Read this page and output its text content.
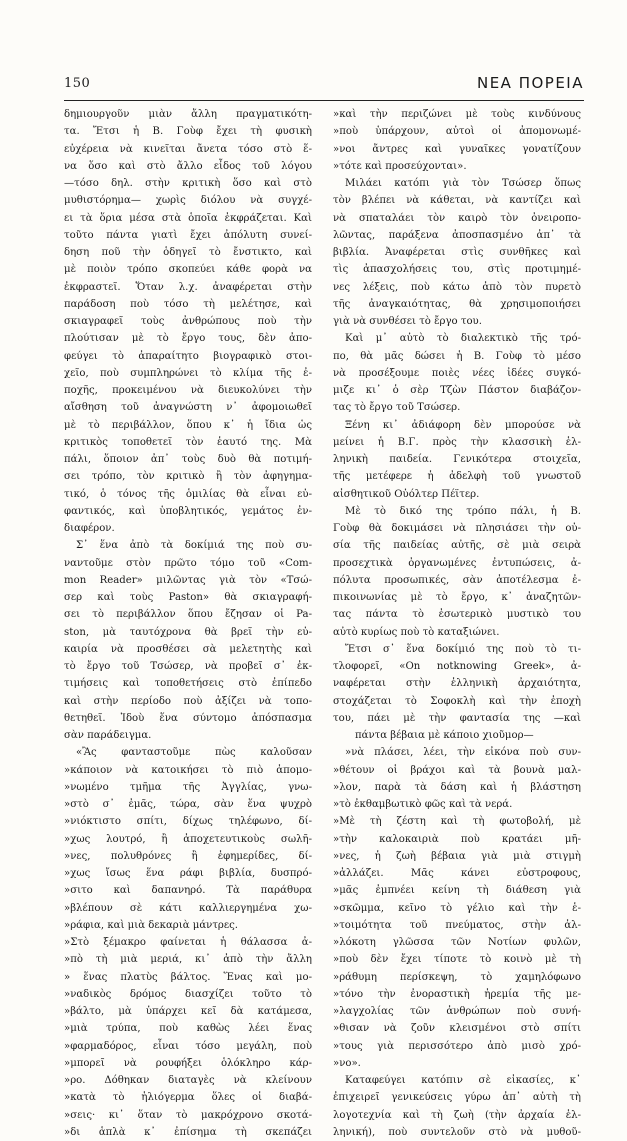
150	ΝΕΑ ΠΟΡΕΙΑ
δημιουργοῦν μιὰν ἄλλη πραγματικότη-
τα. Ἔτσι ἡ Β. Γοὺφ ἔχει τὴ φυσικὴ
εὐχέρεια νὰ κινεῖται ἄνετα τόσο στὸ ἕ-
να ὅσο καὶ στὸ ἄλλο εἶδος τοῦ λόγου
—τόσο δηλ. στὴν κριτικὴ ὅσο καὶ στὸ
μυθιστόρημα— χωρὶς διόλου νὰ συγχέ-
ει τὰ ὅρια μέσα στὰ ὁποῖα ἐκφράζεται. Καὶ
τοῦτο πάντα γιατὶ ἔχει ἀπόλυτη συνεί-
δηση ποῦ τὴν ὁδηγεῖ τὸ ἔνστικτο, καὶ
μὲ ποιὸν τρόπο σκοπεύει κάθε φορὰ να
ἐκφραστεῖ. Ὅταν λ.χ. ἀναφέρεται στὴν
παράδοση ποὺ τόσο τὴ μελέτησε, καὶ
σκιαγραφεῖ τοὺς ἀνθρώπους ποὺ τὴν
πλούτισαν μὲ τὸ ἔργο τους, δὲν ἀπο-
φεύγει τὸ ἀπαραίτητο βιογραφικὸ στοι-
χεῖο, ποὺ συμπληρώνει τὸ κλίμα τῆς ἐ-
ποχῆς, προκειμένου νὰ διευκολύνει τὴν
αἴσθηση τοῦ ἀναγνώστη ν᾽ ἀφομοιωθεῖ
μὲ τὸ περιβάλλον, ὅπου κ᾽ ἡ ἴδια ὡς
κριτικὸς τοποθετεῖ τὸν ἑαυτό της. Μὰ
πάλι, ὅποιον ἀπ᾽ τοὺς δυὸ θὰ ποτιμή-
σει τρόπο, τὸν κριτικὸ ἢ τὸν ἀφηγημα-
τικό, ὁ τόνος τῆς ὁμιλίας θὰ εἶναι εὐ-
φαντικός, καὶ ὑποβλητικός, γεμάτος ἐν-
διαφέρον.
Σ᾽ ἕνα ἀπὸ τὰ δοκίμιά της ποὺ συ-
ναντοῦμε στὸν πρῶτο τόμο τοῦ «Com-
mon Reader» μιλῶντας γιὰ τὸν «Τσώ-
σερ καὶ τοὺς Paston» θὰ σκιαγραφή-
σει τὸ περιβάλλον ὅπου ἔζησαν οἱ Pa-
ston, μὰ ταυτόχρονα θὰ βρεῖ τὴν εὐ-
καιρία νὰ προσθέσει σὰ μελετητὴς καὶ
τὸ ἔργο τοῦ Τσώσερ, νὰ προβεῖ σ᾽ ἐκ-
τιμήσεις καὶ τοποθετήσεις στὸ ἐπίπεδο
καὶ στὴν περίοδο ποὺ ἀξίζει νὰ τοπο-
θετηθεῖ. Ἰδοὺ ἕνα σύντομο ἀπόσπασμα
σὰν παράδειγμα.
«Ἂς φανταστοῦμε πὼς καλοῦσαν
»κάποιον νὰ κατοικήσει τὸ πιὸ ἀπομο-
»νωμένο τμῆμα τῆς Ἀγγλίας, γνω-
»στὸ σ᾽ ἐμᾶς, τώρα, σὰν ἕνα ψυχρὸ
»νιόκτιστο σπίτι, δίχως τηλέφωνο, δί-
»χως λουτρό, ἢ ἀποχετευτικοὺς σωλῆ-
»νες, πολυθρόνες ἢ ἐφημερίδες, δί-
»χως ἴσως ἕνα ράφι βιβλία, δυσπρό-
»σιτο καὶ δαπανηρό. Τὰ παράθυρα
»βλέπουν σὲ κάτι καλλιεργημένα χω-
»ράφια, καὶ μιὰ δεκαριὰ μάντρες.
»Στὸ ξέμακρο φαίνεται ἡ θάλασσα ἀ-
»πὸ τὴ μιὰ μεριά, κι᾽ ἀπὸ τὴν ἄλλη
» ἕνας πλατὺς βάλτος. Ἕνας καὶ μο-
»ναδικὸς δρόμος διασχίζει τοῦτο τὸ
»βάλτο, μὰ ὑπάρχει κεῖ δὰ κατάμεσα,
»μιὰ τρύπα, ποὺ καθὼς λέει ἕνας
»φαρμαδόρος, εἶναι τόσο μεγάλη, ποὺ
»μπορεῖ νὰ ρουφήξει ὁλόκληρο κάρ-
»ρο. Δόθηκαν διαταγὲς νὰ κλείνουν
»κατὰ τὸ ἡλιόγερμα ὅλες οἱ διαβά-
»σεις· κι᾽ ὅταν τὸ μακρόχρονο σκοτά-
»δι ἁπλὰ κ᾽ ἐπίσημα τὴ σκεπάζει
»καὶ τὴν περιζώνει μὲ τοὺς κινδύνους
»ποὺ ὑπάρχουν, αὐτοὶ οἱ ἀπομονωμέ-
»νοι ἄντρες καὶ γυναῖκες γονατίζουν
»τότε καὶ προσεύχονται».
Μιλάει κατόπι γιὰ τὸν Τσώσερ ὅπως
τὸν βλέπει νὰ κάθεται, νὰ καντίζει καὶ
νὰ σπαταλάει τὸν καιρὸ τὸν ὀνειροπο-
λῶντας, παράξενα ἀποσπασμένο ἀπ᾽ τὰ
βιβλία. Ἀναφέρεται στὶς συνθῆκες καὶ
τὶς ἀπασχολήσεις του, στὶς προτιμημέ-
νες λέξεις, ποὺ κάτω ἀπὸ τὸν πυρετὸ
τῆς ἀναγκαιότητας, θὰ χρησιμοποιήσει
γιὰ νὰ συνθέσει τὸ ἔργο του.
Καὶ μ᾽ αὐτὸ τὸ διαλεκτικὸ τῆς τρό-
πο, θὰ μᾶς δώσει ἡ Β. Γοὺφ τὸ μέσο
νὰ προσέξουμε ποιὲς νέες ἰδέες συγκό-
μιζε κι᾽ ὁ σὲρ Τζὼν Πάστον διαβάζον-
τας τὸ ἔργο τοῦ Τσώσερ.
Ξένη κι᾽ ἀδιάφορη δὲν μπορούσε νὰ
μείνει ἡ Β.Γ. πρὸς τὴν κλασσικὴ ἑλ-
ληνικὴ παιδεία. Γενικότερα στοιχεῖα,
τῆς μετέφερε ἡ ἀδελφὴ τοῦ γνωστοῦ
αἰσθητικοῦ Οὐόλτερ Πέϊτερ.
Μὲ τὸ δικό της τρόπο πάλι, ἡ Β.
Γοὺφ θὰ δοκιμάσει νὰ πλησιάσει τὴν οὐ-
σία τῆς παιδείας αὐτῆς, σὲ μιὰ σειρὰ
προσεχτικὰ ὀργανωμένες ἐντυπώσεις, ἀ-
πόλυτα προσωπικές, σὰν ἀποτέλεσμα ἐ-
πικοινωνίας μὲ τὸ ἔργο, κ᾽ ἀναζητῶν-
τας πάντα τὸ ἐσωτερικὸ μυστικὸ του
αὐτὸ κυρίως ποὺ τὸ καταξιώνει.
Ἔτσι σ᾽ ἕνα δοκίμιό της ποὺ τὸ τι-
τλοφορεῖ, «On notknowing Greek», ἀ-
ναφέρεται στὴν ἑλληνικὴ ἀρχαιότητα,
στοχάζεται τὸ Σοφοκλὴ καὶ τὴν ἐποχὴ
του, πάει μὲ τὴν φαντασία της —καὶ
πάντα βέβαια μὲ κάποιο χιοῦμορ—
»νὰ πλάσει, λέει, τὴν εἰκόνα ποὺ συν-
»θέτουν οἱ βράχοι καὶ τὰ βουνὰ μαλ-
»λον, παρὰ τὰ δάση καὶ ἡ βλάστηση
»τὸ ἐκθαμβωτικὸ φῶς καὶ τὰ νερά.
»Μὲ τὴ ζέστη καὶ τὴ φωτοβολή, μὲ
»τὴν καλοκαιριὰ ποὺ κρατάει μῆ-
»νες, ἡ ζωὴ βέβαια γιὰ μιὰ στιγμὴ
»ἀλλάζει. Μᾶς κάνει εὐστροφους,
»μᾶς ἐμπνέει κείνη τὴ διάθεση γιὰ
»σκῶμμα, κεῖνο τὸ γέλιο καὶ τὴν ἑ-
»τοιμότητα τοῦ πνεύματος, στὴν ἀλ-
»λόκοτη γλῶσσα τῶν Νοτίων φυλῶν,
»ποὺ δὲν ἔχει τίποτε τὸ κοινὸ μὲ τὴ
»ράθυμη περίσκεψη, τὸ χαμηλόφωνο
»τόνο τὴν ἐνοραστικὴ ἠρεμία τῆς με-
»λαγχολίας τῶν ἀνθρώπων ποὺ συνή-
»θισαν νὰ ζοῦν κλεισμένοι στὸ σπίτι
»τους γιὰ περισσότερο ἀπὸ μισὸ χρό-
»νο».
Καταφεύγει κατόπιν σὲ εἰκασίες, κ᾽
ἐπιχειρεῖ γενικεύσεις γύρω ἀπ᾽ αὐτὴ τὴ
λογοτεχνία καὶ τὴ ζωὴ (τὴν ἀρχαία ἑλ-
ληνική), ποὺ συντελοῦν στὸ νὰ μυθοῦ-
